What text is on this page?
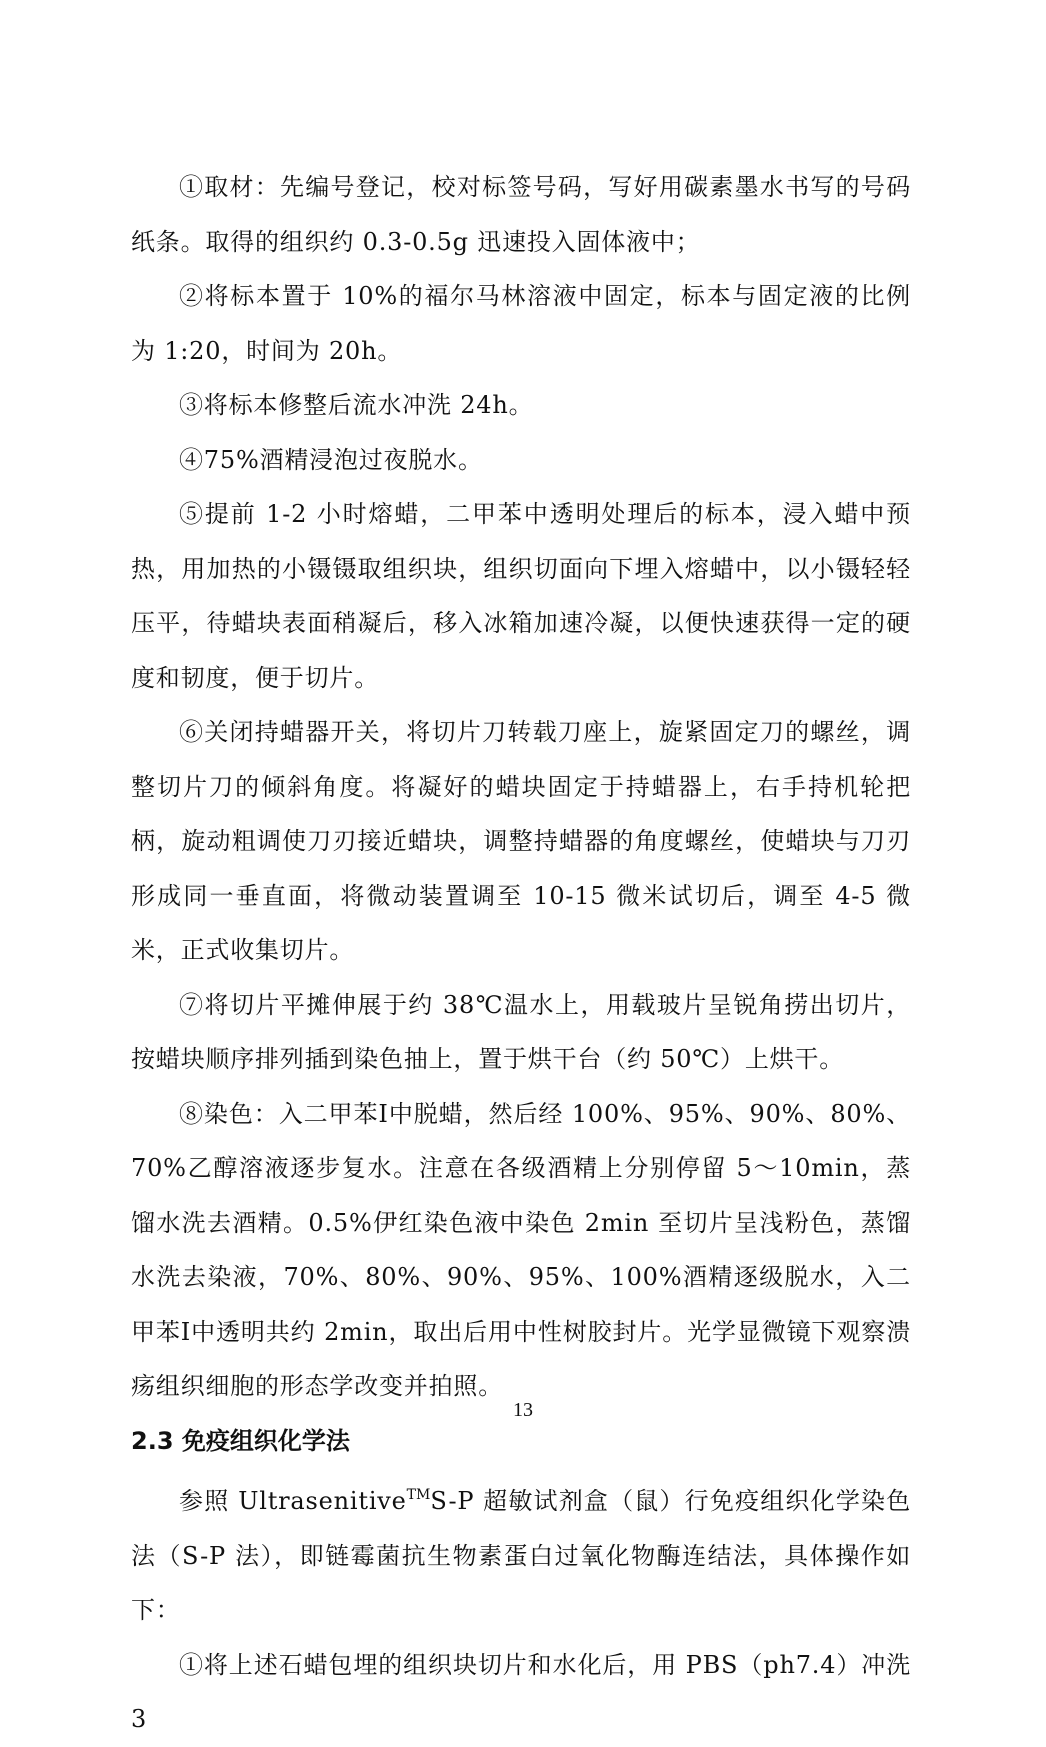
①取材：先编号登记，校对标签号码，写好用碳素墨水书写的号码纸条。取得的组织约 0.3-0.5g 迅速投入固体液中；

②将标本置于 10%的福尔马林溶液中固定，标本与固定液的比例为 1:20，时间为 20h。

③将标本修整后流水冲洗 24h。

④75%酒精浸泡过夜脱水。

⑤提前 1-2 小时熔蜡，二甲苯中透明处理后的标本，浸入蜡中预热，用加热的小镊镊取组织块，组织切面向下埋入熔蜡中，以小镊轻轻压平，待蜡块表面稍凝后，移入冰箱加速冷凝，以便快速获得一定的硬度和韧度，便于切片。

⑥关闭持蜡器开关，将切片刀转载刀座上，旋紧固定刀的螺丝，调整切片刀的倾斜角度。将凝好的蜡块固定于持蜡器上，右手持机轮把柄，旋动粗调使刀刃接近蜡块，调整持蜡器的角度螺丝，使蜡块与刀刃形成同一垂直面，将微动装置调至 10-15 微米试切后，调至 4-5 微米，正式收集切片。

⑦将切片平摊伸展于约 38℃温水上，用载玻片呈锐角捞出切片，按蜡块顺序排列插到染色抽上，置于烘干台（约 50℃）上烘干。

⑧染色：入二甲苯Ⅰ中脱蜡，然后经 100%、95%、90%、80%、70%乙醇溶液逐步复水。注意在各级酒精上分别停留 5～10min，蒸馏水洗去酒精。0.5%伊红染色液中染色 2min 至切片呈浅粉色，蒸馏水洗去染液，70%、80%、90%、95%、100%酒精逐级脱水，入二甲苯Ⅰ中透明共约 2min，取出后用中性树胶封片。光学显微镜下观察溃疡组织细胞的形态学改变并拍照。

2.3 免疫组织化学法

参照 Ultrasenitive™S-P 超敏试剂盒（鼠）行免疫组织化学染色法（S-P 法），即链霉菌抗生物素蛋白过氧化物酶连结法，具体操作如下：

①将上述石蜡包埋的组织块切片和水化后，用 PBS（ph7.4）冲洗 3

13
